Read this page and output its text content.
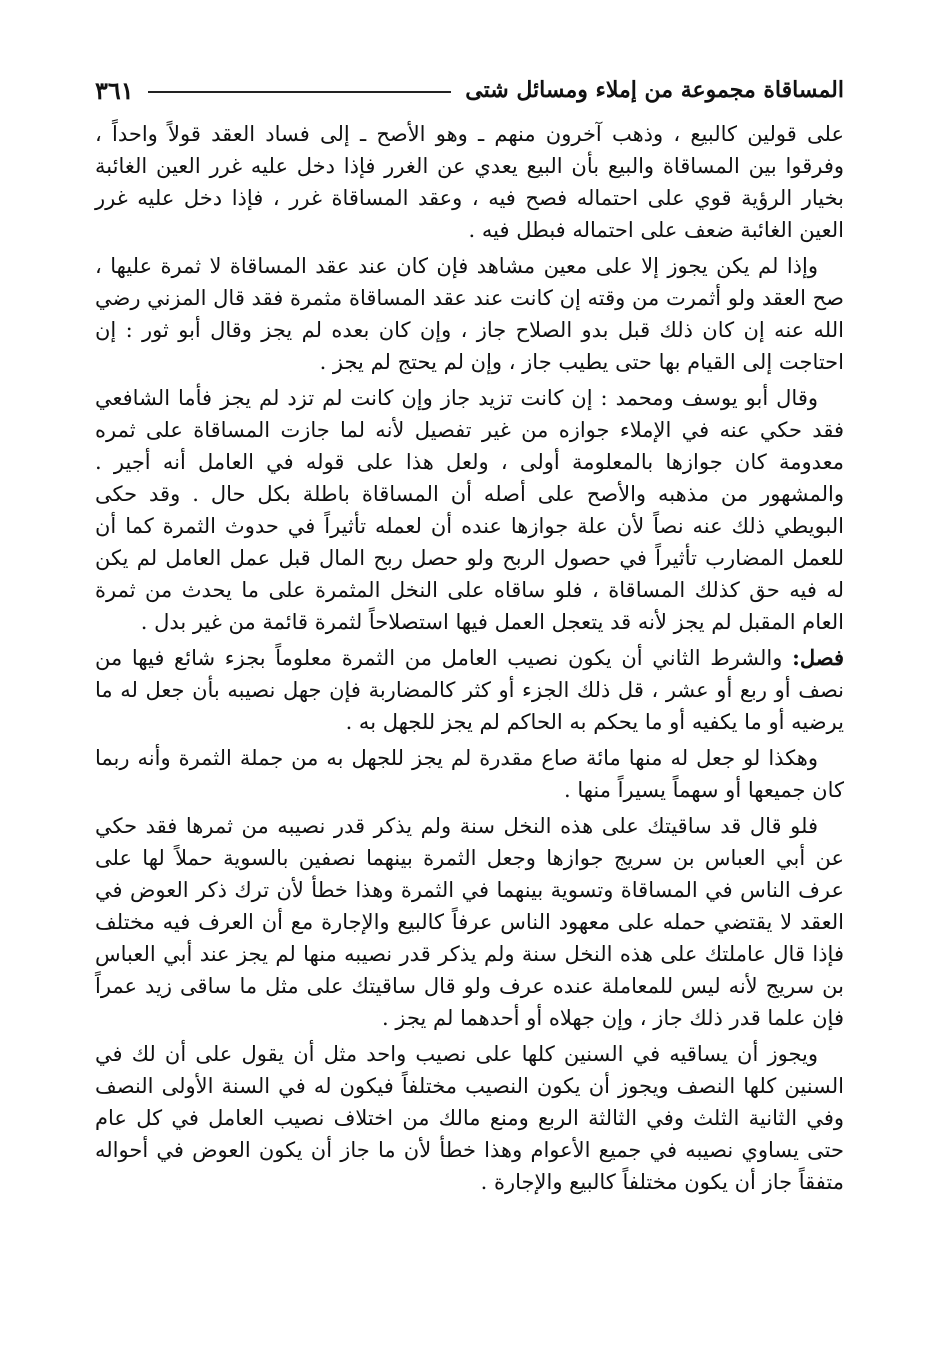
المساقاة مجموعة من إملاء ومسائل شتى
٣٦١

على قولين كالبيع ، وذهب آخرون منهم ـ وهو الأصح ـ إلى فساد العقد قولاً واحداً ، وفرقوا بين المساقاة والبيع بأن البيع يعدي عن الغرر فإذا دخل عليه غرر العين الغائبة بخيار الرؤية قوي على احتماله فصح فيه ، وعقد المساقاة غرر ، فإذا دخل عليه غرر العين الغائبة ضعف على احتماله فبطل فيه .

وإذا لم يكن يجوز إلا على معين مشاهد فإن كان عند عقد المساقاة لا ثمرة عليها ، صح العقد ولو أثمرت من وقته إن كانت عند عقد المساقاة مثمرة فقد قال المزني رضي الله عنه إن كان ذلك قبل بدو الصلاح جاز ، وإن كان بعده لم يجز وقال أبو ثور : إن احتاجت إلى القيام بها حتى يطيب جاز ، وإن لم يحتج لم يجز .

وقال أبو يوسف ومحمد : إن كانت تزيد جاز وإن كانت لم تزد لم يجز فأما الشافعي فقد حكي عنه في الإملاء جوازه من غير تفصيل لأنه لما جازت المساقاة على ثمره معدومة كان جوازها بالمعلومة أولى ، ولعل هذا على قوله في العامل أنه أجير . والمشهور من مذهبه والأصح على أصله أن المساقاة باطلة بكل حال . وقد حكى البويطي ذلك عنه نصاً لأن علة جوازها عنده أن لعمله تأثيراً في حدوث الثمرة كما أن للعمل المضارب تأثيراً في حصول الربح ولو حصل ربح المال قبل عمل العامل لم يكن له فيه حق كذلك المساقاة ، فلو ساقاه على النخل المثمرة على ما يحدث من ثمرة العام المقبل لم يجز لأنه قد يتعجل العمل فيها استصلاحاً لثمرة قائمة من غير بدل .

فصل: والشرط الثاني أن يكون نصيب العامل من الثمرة معلوماً بجزء شائع فيها من نصف أو ربع أو عشر ، قل ذلك الجزء أو كثر كالمضاربة فإن جهل نصيبه بأن جعل له ما يرضيه أو ما يكفيه أو ما يحكم به الحاكم لم يجز للجهل به .

وهكذا لو جعل له منها مائة صاع مقدرة لم يجز للجهل به من جملة الثمرة وأنه ربما كان جميعها أو سهماً يسيراً منها .

فلو قال قد ساقيتك على هذه النخل سنة ولم يذكر قدر نصيبه من ثمرها فقد حكي عن أبي العباس بن سريج جوازها وجعل الثمرة بينهما نصفين بالسوية حملاً لها على عرف الناس في المساقاة وتسوية بينهما في الثمرة وهذا خطأ لأن ترك ذكر العوض في العقد لا يقتضي حمله على معهود الناس عرفاً كالبيع والإجارة مع أن العرف فيه مختلف فإذا قال عاملتك على هذه النخل سنة ولم يذكر قدر نصيبه منها لم يجز عند أبي العباس بن سريج لأنه ليس للمعاملة عنده عرف ولو قال ساقيتك على مثل ما ساقى زيد عمراً فإن علما قدر ذلك جاز ، وإن جهلاه أو أحدهما لم يجز .

ويجوز أن يساقيه في السنين كلها على نصيب واحد مثل أن يقول على أن لك في السنين كلها النصف ويجوز أن يكون النصيب مختلفاً فيكون له في السنة الأولى النصف وفي الثانية الثلث وفي الثالثة الربع ومنع مالك من اختلاف نصيب العامل في كل عام حتى يساوي نصيبه في جميع الأعوام وهذا خطأ لأن ما جاز أن يكون العوض في أحواله متفقاً جاز أن يكون مختلفاً كالبيع والإجارة .
